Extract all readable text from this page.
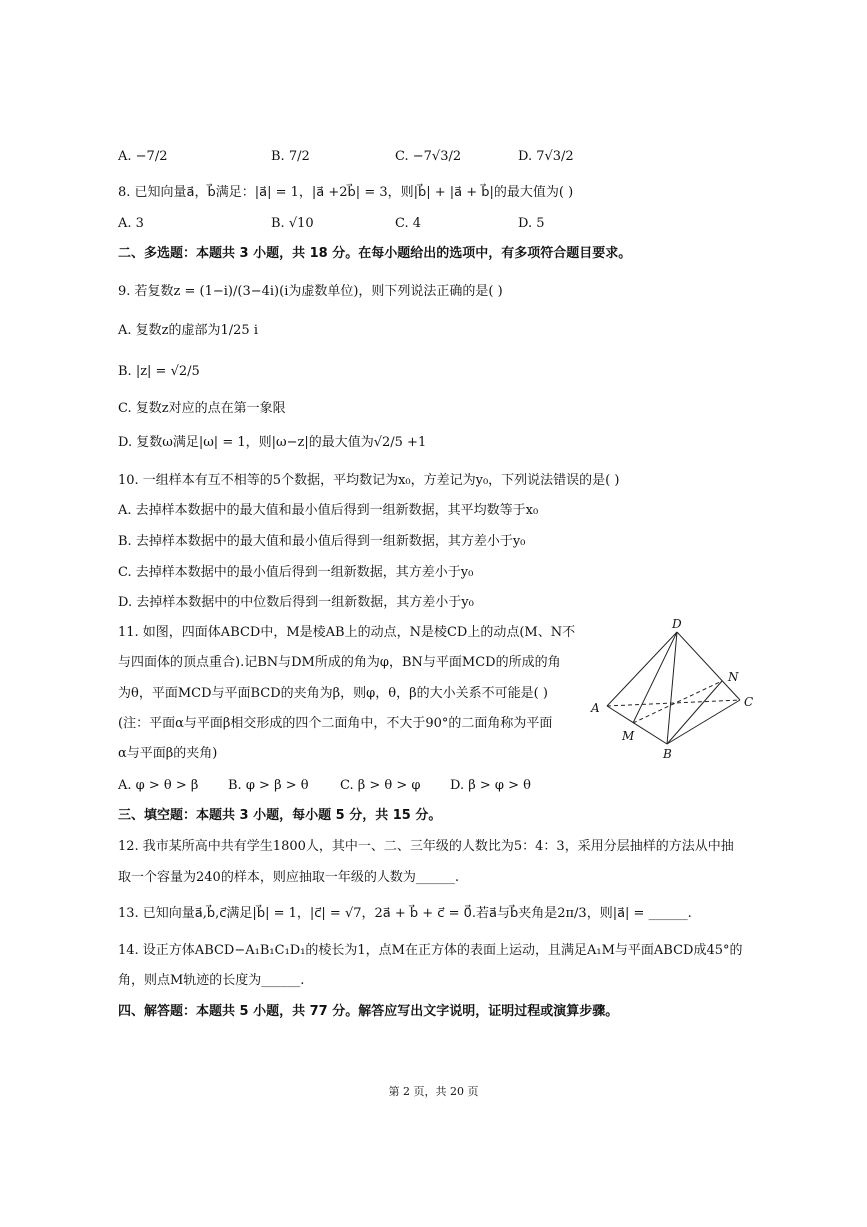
A. −7/2	B. 7/2	C. −7√3/2	D. 7√3/2
8. 已知向量a⃗，b⃗满足：|a⃗| = 1，|a⃗ +2b⃗| = 3，则|b⃗| + |a⃗ + b⃗|的最大值为( )
A. 3	B. √10	C. 4	D. 5
二、多选题：本题共 3 小题，共 18 分。在每小题给出的选项中，有多项符合题目要求。
9. 若复数z = (1−i)/(3−4i)(i为虚数单位)，则下列说法正确的是( )
A. 复数z的虚部为1/25 i
B. |z| = √2/5
C. 复数z对应的点在第一象限
D. 复数ω满足|ω| = 1，则|ω−z|的最大值为√2/5 +1
10. 一组样本有互不相等的5个数据，平均数记为x₀，方差记为y₀，下列说法错误的是( )
A. 去掉样本数据中的最大值和最小值后得到一组新数据，其平均数等于x₀
B. 去掉样本数据中的最大值和最小值后得到一组新数据，其方差小于y₀
C. 去掉样本数据中的最小值后得到一组新数据，其方差小于y₀
D. 去掉样本数据中的中位数后得到一组新数据，其方差小于y₀
11. 如图，四面体ABCD中，M是棱AB上的动点，N是棱CD上的动点(M、N不
与四面体的顶点重合).记BN与DM所成的角为φ，BN与平面MCD的所成的角
为θ，平面MCD与平面BCD的夹角为β，则φ，θ，β的大小关系不可能是( )
(注：平面α与平面β相交形成的四个二面角中，不大于90°的二面角称为平面
α与平面β的夹角)
A. φ > θ > β B. φ > β > θ C. β > θ > φ D. β > φ > θ
D
N
A	C
M
B
三、填空题：本题共 3 小题，每小题 5 分，共 15 分。
12. 我市某所高中共有学生1800人，其中一、二、三年级的人数比为5：4：3，采用分层抽样的方法从中抽
取一个容量为240的样本，则应抽取一年级的人数为______.
13. 已知向量a⃗,b⃗,c⃗满足|b⃗| = 1，|c⃗| = √7，2a⃗ + b⃗ + c⃗ = 0⃗.若a⃗与b⃗夹角是2π/3，则|a⃗| = ______.
14. 设正方体ABCD−A₁B₁C₁D₁的棱长为1，点M在正方体的表面上运动，且满足A₁M与平面ABCD成45°的
角，则点M轨迹的长度为______.
四、解答题：本题共 5 小题，共 77 分。解答应写出文字说明，证明过程或演算步骤。
第 2 页，共 20 页
